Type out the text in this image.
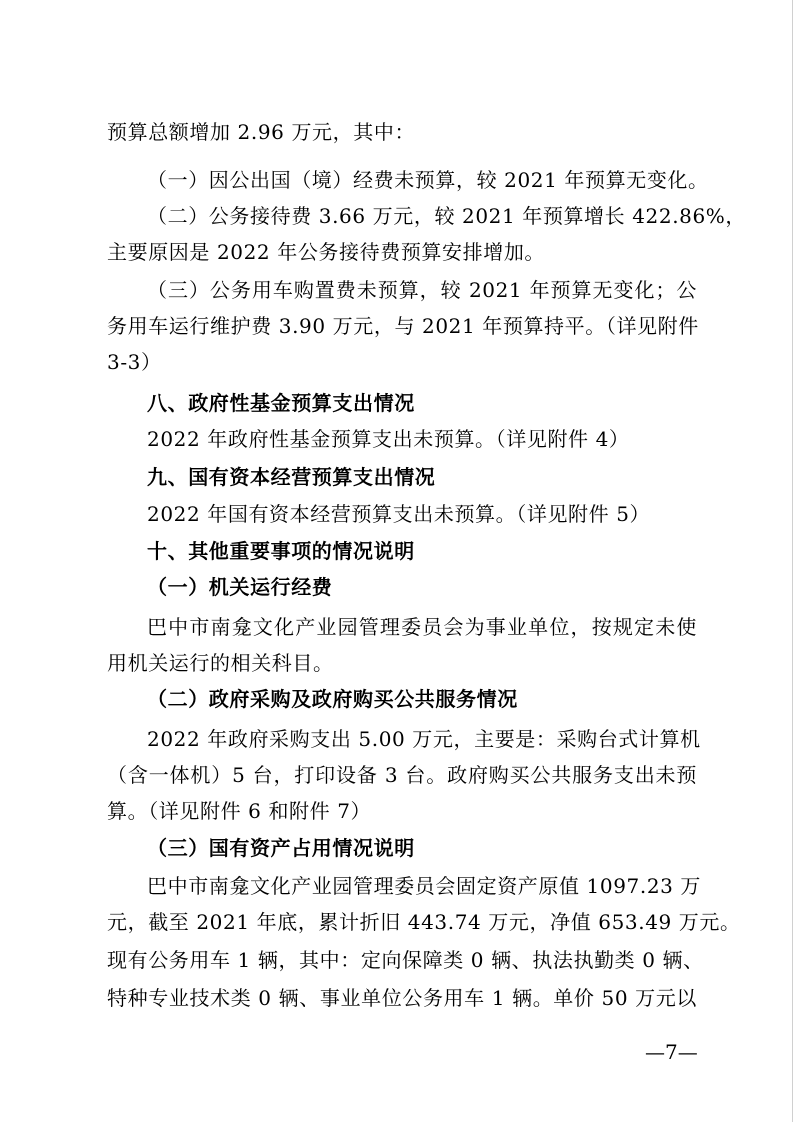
预算总额增加 2.96 万元，其中：
（一）因公出国（境）经费未预算，较 2021 年预算无变化。
（二）公务接待费 3.66 万元，较 2021 年预算增长 422.86%，
主要原因是 2022 年公务接待费预算安排增加。
（三）公务用车购置费未预算，较 2021 年预算无变化；公
务用车运行维护费 3.90 万元，与 2021 年预算持平。（详见附件
3-3）
八、政府性基金预算支出情况
2022 年政府性基金预算支出未预算。（详见附件 4）
九、国有资本经营预算支出情况
2022 年国有资本经营预算支出未预算。（详见附件 5）
十、其他重要事项的情况说明
（一）机关运行经费
巴中市南龛文化产业园管理委员会为事业单位，按规定未使
用机关运行的相关科目。
（二）政府采购及政府购买公共服务情况
2022 年政府采购支出 5.00 万元，主要是：采购台式计算机
（含一体机）5 台，打印设备 3 台。政府购买公共服务支出未预
算。（详见附件 6 和附件 7）
（三）国有资产占用情况说明
巴中市南龛文化产业园管理委员会固定资产原值 1097.23 万
元，截至 2021 年底，累计折旧 443.74 万元，净值 653.49 万元。
现有公务用车 1 辆，其中：定向保障类 0 辆、执法执勤类 0 辆、
特种专业技术类 0 辆、事业单位公务用车 1 辆。单价 50 万元以
—7—
